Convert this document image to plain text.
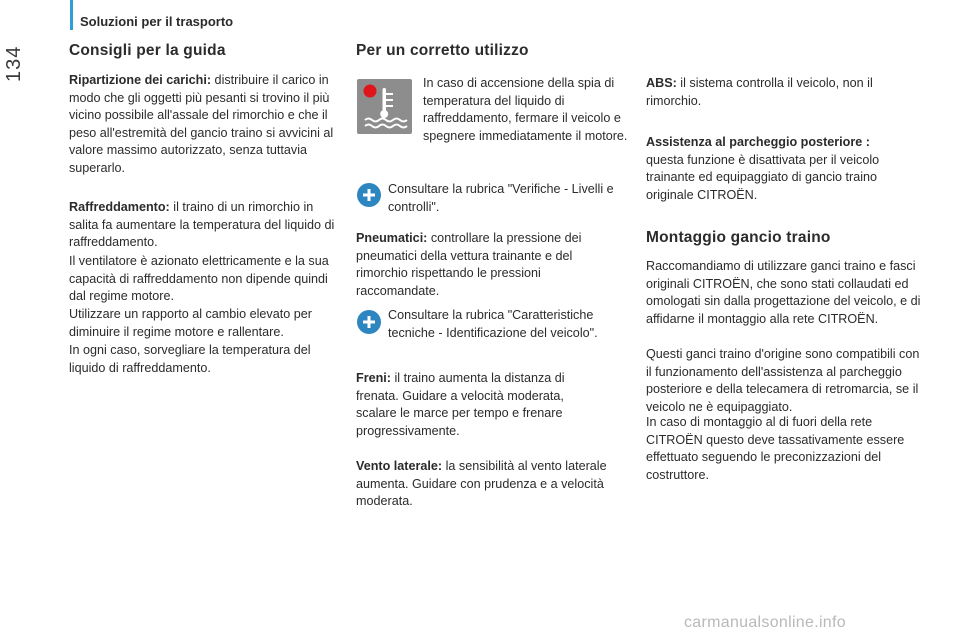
134
Soluzioni per il trasporto
Consigli per la guida

Ripartizione dei carichi: distribuire il carico in modo che gli oggetti più pesanti si trovino il più vicino possibile all'assale del rimorchio e che il peso all'estremità del gancio traino si avvicini al valore massimo autorizzato, senza tuttavia superarlo.

Raffreddamento: il traino di un rimorchio in salita fa aumentare la temperatura del liquido di raffreddamento.

Il ventilatore è azionato elettricamente e la sua capacità di raffreddamento non dipende quindi dal regime motore.

Utilizzare un rapporto al cambio elevato per diminuire il regime motore e rallentare.

In ogni caso, sorvegliare la temperatura del liquido di raffreddamento.

Per un corretto utilizzo

In caso di accensione della spia di temperatura del liquido di raffreddamento, fermare il veicolo e spegnere immediatamente il motore.

Consultare la rubrica "Verifiche - Livelli e controlli".

Pneumatici: controllare la pressione dei pneumatici della vettura trainante e del rimorchio rispettando le pressioni raccomandate.

Consultare la rubrica "Caratteristiche tecniche - Identificazione del veicolo".

Freni: il traino aumenta la distanza di frenata. Guidare a velocità moderata, scalare le marce per tempo e frenare progressivamente.

Vento laterale: la sensibilità al vento laterale aumenta. Guidare con prudenza e a velocità moderata.

ABS: il sistema controlla il veicolo, non il rimorchio.

Assistenza al parcheggio posteriore :
questa funzione è disattivata per il veicolo trainante ed equipaggiato di gancio traino originale CITROËN.

Montaggio gancio traino

Raccomandiamo di utilizzare ganci traino e fasci originali CITROËN, che sono stati collaudati ed omologati sin dalla progettazione del veicolo, e di affidarne il montaggio alla rete CITROËN.

Questi ganci traino d'origine sono compatibili con il funzionamento dell'assistenza al parcheggio posteriore e della telecamera di retromarcia, se il veicolo ne è equipaggiato.

In caso di montaggio al di fuori della rete CITROËN questo deve tassativamente essere effettuato seguendo le preconizzazioni del costruttore.

carmanualsonline.info
